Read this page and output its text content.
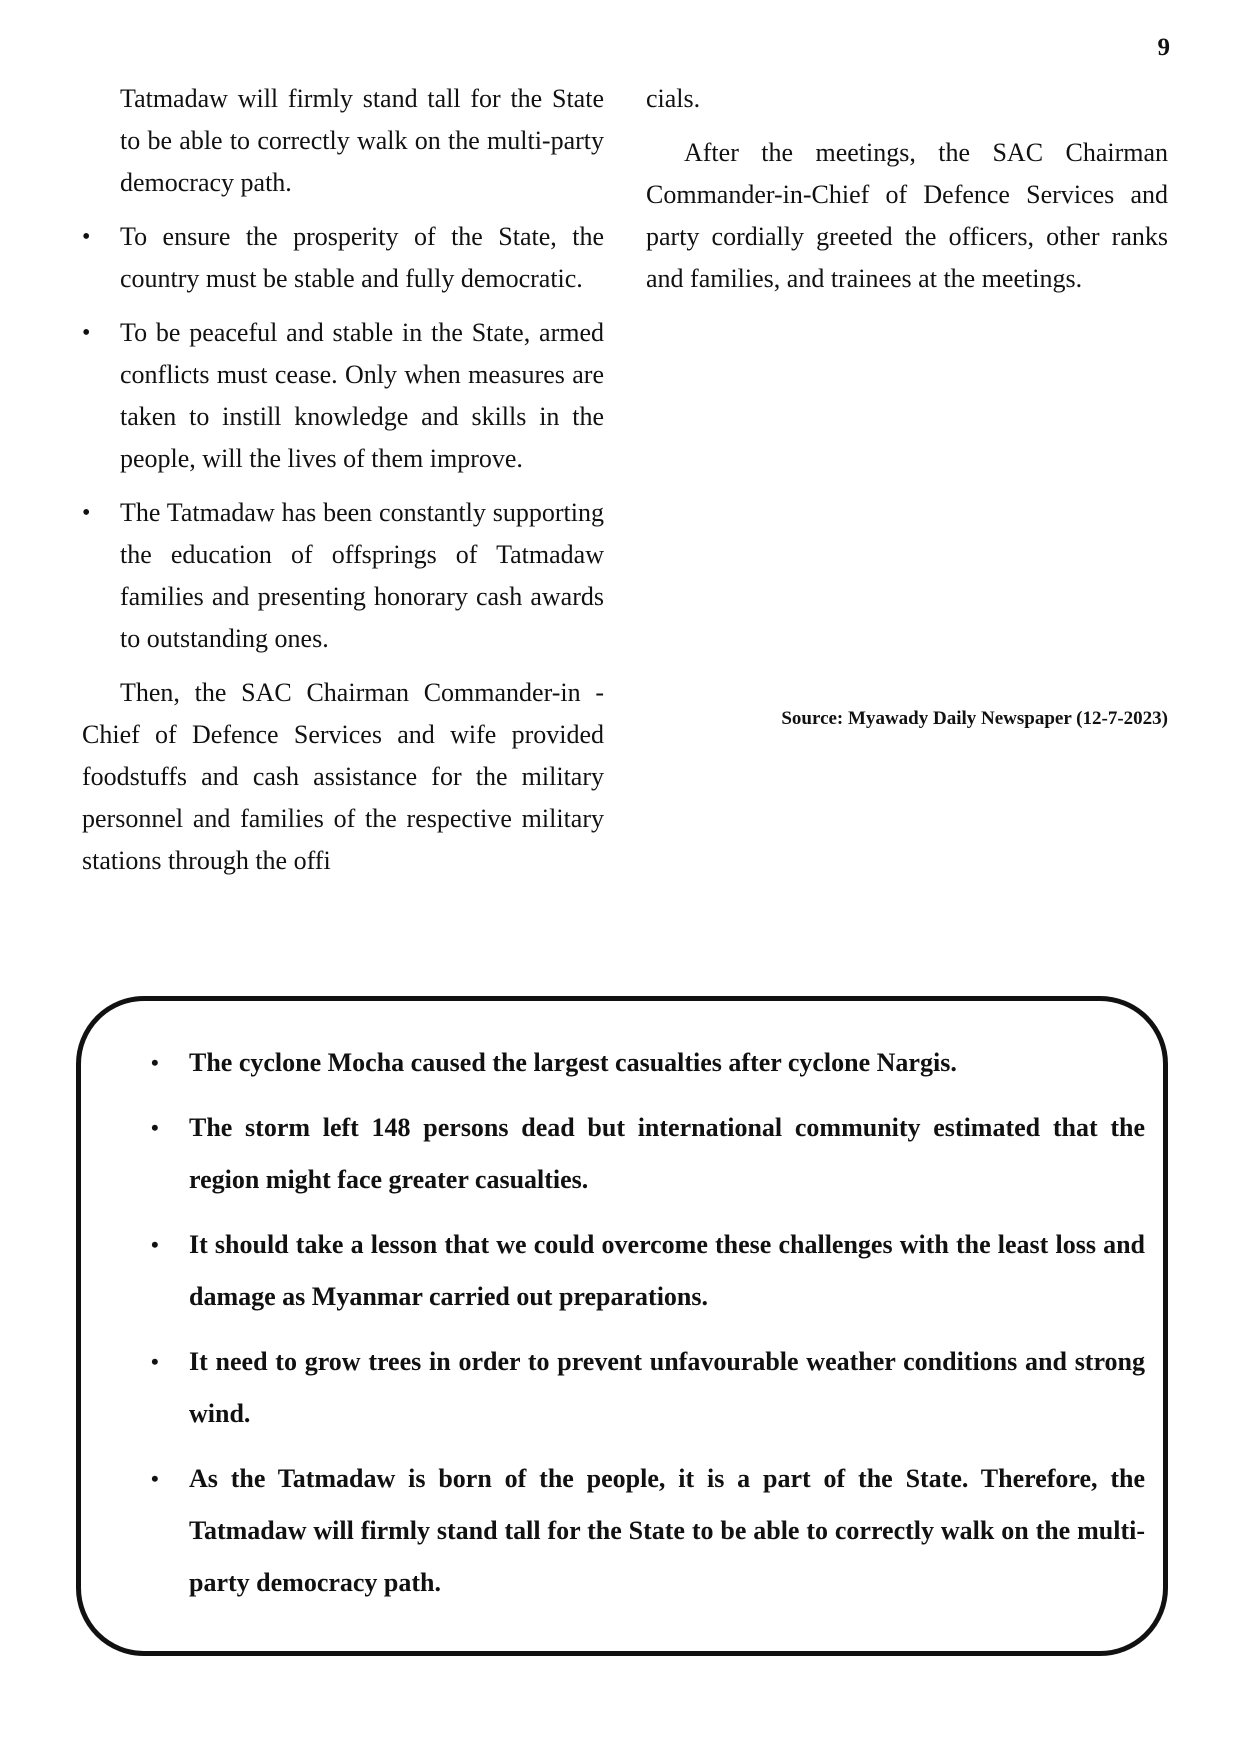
9

Tatmadaw will firmly stand tall for the State to be able to correctly walk on the multi-party democracy path.

• To ensure the prosperity of the State, the country must be stable and fully democratic.
• To be peaceful and stable in the State, armed conflicts must cease. Only when measures are taken to instill knowledge and skills in the people, will the lives of them improve.
• The Tatmadaw has been constantly supporting the education of offsprings of Tatmadaw families and presenting honorary cash awards to outstanding ones.

Then, the SAC Chairman Commander-in -Chief of Defence Services and wife provided foodstuffs and cash assistance for the military personnel and families of the respective military stations through the offi

cials.

After the meetings, the SAC Chairman Commander-in-Chief of Defence Services and party cordially greeted the officers, other ranks and families, and trainees at the meetings.

Source: Myawady Daily Newspaper (12-7-2023)
• The cyclone Mocha caused the largest casualties after cyclone Nargis.
• The storm left 148 persons dead but international community estimated that the region might face greater casualties.
• It should take a lesson that we could overcome these challenges with the least loss and damage as Myanmar carried out preparations.
• It need to grow trees in order to prevent unfavourable weather conditions and strong wind.
• As the Tatmadaw is born of the people, it is a part of the State. Therefore, the Tatmadaw will firmly stand tall for the State to be able to correctly walk on the multi-party democracy path.
